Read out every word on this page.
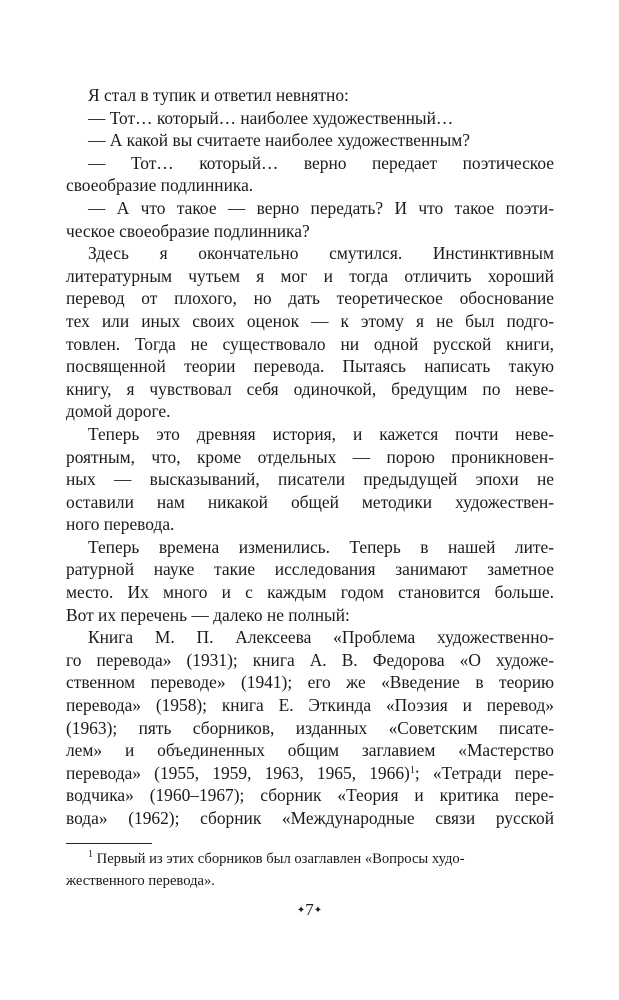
Я стал в тупик и ответил невнятно:
— Тот… который… наиболее художественный…
— А какой вы считаете наиболее художественным?
— Тот… который… верно передает поэтическое
своеобразие подлинника.
— А что такое — верно передать? И что такое поэти-
ческое своеобразие подлинника?
Здесь я окончательно смутился. Инстинктивным
литературным чутьем я мог и тогда отличить хороший
перевод от плохого, но дать теоретическое обоснование
тех или иных своих оценок — к этому я не был подго-
товлен. Тогда не существовало ни одной русской книги,
посвященной теории перевода. Пытаясь написать такую
книгу, я чувствовал себя одиночкой, бредущим по неве-
домой дороге.
Теперь это древняя история, и кажется почти неве-
роятным, что, кроме отдельных — порою проникновен-
ных — высказываний, писатели предыдущей эпохи не
оставили нам никакой общей методики художествен-
ного перевода.
Теперь времена изменились. Теперь в нашей лите-
ратурной науке такие исследования занимают заметное
место. Их много и с каждым годом становится больше.
Вот их перечень — далеко не полный:
Книга М. П. Алексеева «Проблема художественно-
го перевода» (1931); книга А. В. Федорова «О художе-
ственном переводе» (1941); его же «Введение в теорию
перевода» (1958); книга Е. Эткинда «Поэзия и перевод»
(1963); пять сборников, изданных «Советским писате-
лем» и объединенных общим заглавием «Мастерство
перевода» (1955, 1959, 1963, 1965, 1966)$^1$; «Тетради пере-
водчика» (1960–1967); сборник «Теория и критика пере-
вода» (1962); сборник «Международные связи русской
$^1$ Первый из этих сборников был озаглавлен «Вопросы худо-
жественного перевода».
✦7✦
